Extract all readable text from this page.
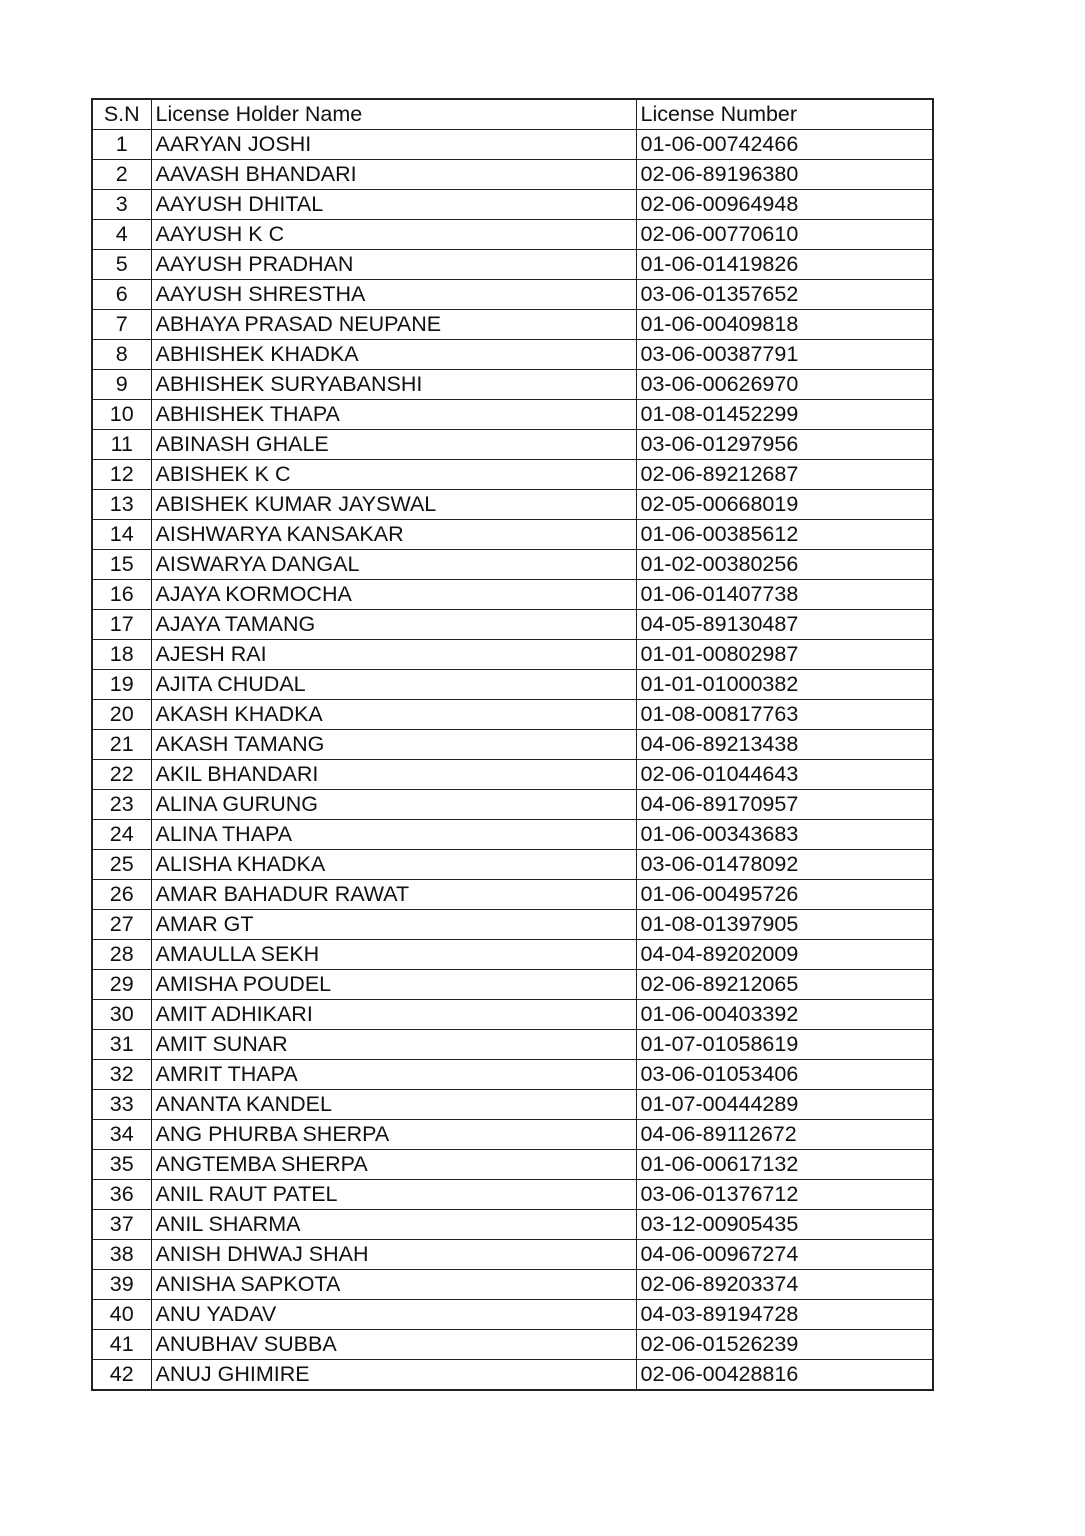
S.N	License Holder Name	License Number
1	AARYAN JOSHI	01-06-00742466
2	AAVASH BHANDARI	02-06-89196380
3	AAYUSH DHITAL	02-06-00964948
4	AAYUSH K C	02-06-00770610
5	AAYUSH PRADHAN	01-06-01419826
6	AAYUSH SHRESTHA	03-06-01357652
7	ABHAYA PRASAD NEUPANE	01-06-00409818
8	ABHISHEK KHADKA	03-06-00387791
9	ABHISHEK SURYABANSHI	03-06-00626970
10	ABHISHEK THAPA	01-08-01452299
11	ABINASH GHALE	03-06-01297956
12	ABISHEK K C	02-06-89212687
13	ABISHEK KUMAR JAYSWAL	02-05-00668019
14	AISHWARYA KANSAKAR	01-06-00385612
15	AISWARYA DANGAL	01-02-00380256
16	AJAYA KORMOCHA	01-06-01407738
17	AJAYA TAMANG	04-05-89130487
18	AJESH RAI	01-01-00802987
19	AJITA CHUDAL	01-01-01000382
20	AKASH KHADKA	01-08-00817763
21	AKASH TAMANG	04-06-89213438
22	AKIL BHANDARI	02-06-01044643
23	ALINA GURUNG	04-06-89170957
24	ALINA THAPA	01-06-00343683
25	ALISHA KHADKA	03-06-01478092
26	AMAR BAHADUR RAWAT	01-06-00495726
27	AMAR GT	01-08-01397905
28	AMAULLA SEKH	04-04-89202009
29	AMISHA POUDEL	02-06-89212065
30	AMIT ADHIKARI	01-06-00403392
31	AMIT SUNAR	01-07-01058619
32	AMRIT THAPA	03-06-01053406
33	ANANTA KANDEL	01-07-00444289
34	ANG PHURBA SHERPA	04-06-89112672
35	ANGTEMBA SHERPA	01-06-00617132
36	ANIL RAUT PATEL	03-06-01376712
37	ANIL SHARMA	03-12-00905435
38	ANISH DHWAJ SHAH	04-06-00967274
39	ANISHA SAPKOTA	02-06-89203374
40	ANU YADAV	04-03-89194728
41	ANUBHAV SUBBA	02-06-01526239
42	ANUJ GHIMIRE	02-06-00428816
